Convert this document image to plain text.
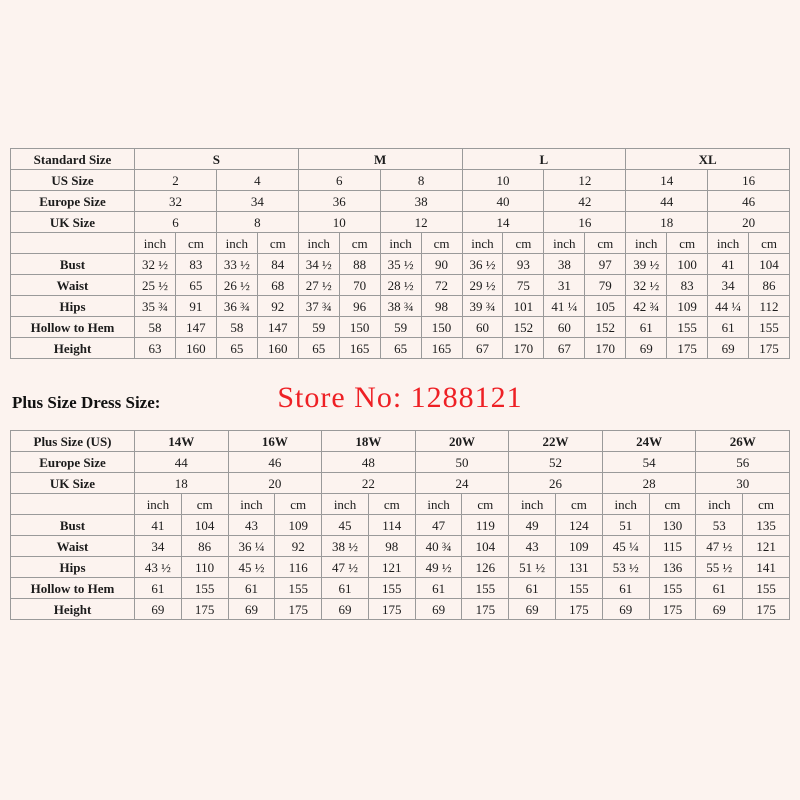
Standard Size	S				M				L				XL			
US Size	2		4		6		8		10		12		14		16	
Europe Size	32		34		36		38		40		42		44		46	
UK Size	6		8		10		12		14		16		18		20	
	inch	cm	inch	cm	inch	cm	inch	cm	inch	cm	inch	cm	inch	cm	inch	cm
Bust	32 ½	83	33 ½	84	34 ½	88	35 ½	90	36 ½	93	38	97	39 ½	100	41	104
Waist	25 ½	65	26 ½	68	27 ½	70	28 ½	72	29 ½	75	31	79	32 ½	83	34	86
Hips	35 ¾	91	36 ¾	92	37 ¾	96	38 ¾	98	39 ¾	101	41 ¼	105	42 ¾	109	44 ¼	112
Hollow to Hem	58	147	58	147	59	150	59	150	60	152	60	152	61	155	61	155
Height	63	160	65	160	65	165	65	165	67	170	67	170	69	175	69	175
Plus Size Dress Size:	Store No: 1288121
Plus Size (US)	14W		16W		18W		20W		22W		24W		26W	
Europe Size	44		46		48		50		52		54		56	
UK Size	18		20		22		24		26		28		30	
	inch	cm	inch	cm	inch	cm	inch	cm	inch	cm	inch	cm	inch	cm
Bust	41	104	43	109	45	114	47	119	49	124	51	130	53	135
Waist	34	86	36 ¼	92	38 ½	98	40 ¾	104	43	109	45 ¼	115	47 ½	121
Hips	43 ½	110	45 ½	116	47 ½	121	49 ½	126	51 ½	131	53 ½	136	55 ½	141
Hollow to Hem	61	155	61	155	61	155	61	155	61	155	61	155	61	155
Height	69	175	69	175	69	175	69	175	69	175	69	175	69	175
